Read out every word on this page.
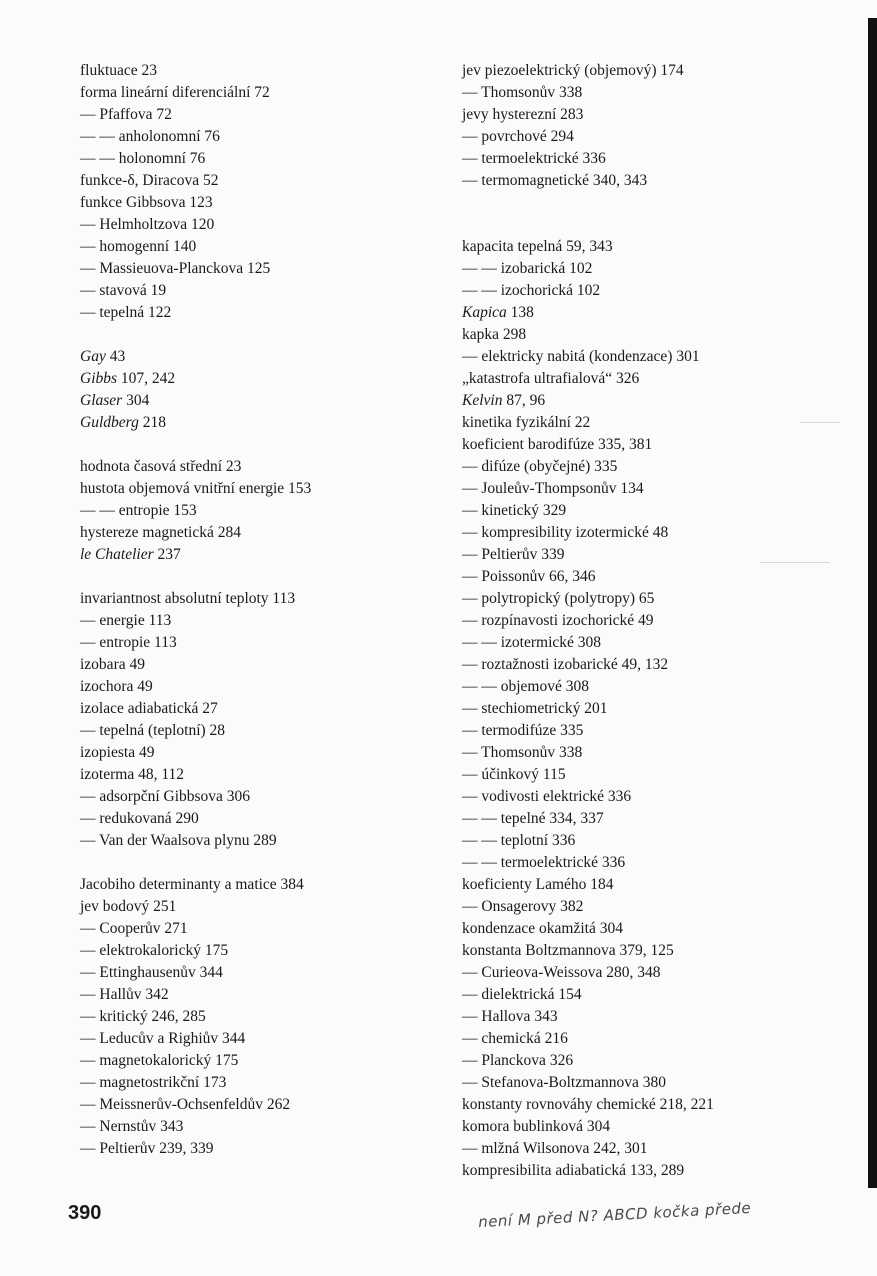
fluktuace 23
forma lineární diferenciální 72
— Pfaffova 72
— — anholonomní 76
— — holonomní 76
funkce-δ, Diracova 52
funkce Gibbsova 123
— Helmholtzova 120
— homogenní 140
— Massieuova-Planckova 125
— stavová 19
— tepelná 122
Gay 43
Gibbs 107, 242
Glaser 304
Guldberg 218
hodnota časová střední 23
hustota objemová vnitřní energie 153
— — entropie 153
hystereze magnetická 284
le Chatelier 237
invariantnost absolutní teploty 113
— energie 113
— entropie 113
izobara 49
izochora 49
izolace adiabatická 27
— tepelná (teplotní) 28
izopiesta 49
izoterma 48, 112
— adsorpční Gibbsova 306
— redukovaná 290
— Van der Waalsova plynu 289
Jacobiho determinanty a matice 384
jev bodový 251
— Cooperův 271
— elektrokalorický 175
— Ettinghausenův 344
— Hallův 342
— kritický 246, 285
— Leducův a Righiův 344
— magnetokalorický 175
— magnetostrikční 173
— Meissnerův-Ochsenfeldův 262
— Nernstův 343
— Peltierův 239, 339
jev piezoelektrický (objemový) 174
— Thomsonův 338
jevy hysterezní 283
— povrchové 294
— termoelektrické 336
— termomagnetické 340, 343
kapacita tepelná 59, 343
— — izobarická 102
— — izochorická 102
Kapica 138
kapka 298
— elektricky nabitá (kondenzace) 301
„katastrofa ultrafialová“ 326
Kelvin 87, 96
kinetika fyzikální 22
koeficient barodifúze 335, 381
— difúze (obyčejné) 335
— Jouleův-Thompsonův 134
— kinetický 329
— kompresibility izotermické 48
— Peltierův 339
— Poissonův 66, 346
— polytropický (polytropy) 65
— rozpínavosti izochorické 49
— — izotermické 308
— roztažnosti izobarické 49, 132
— — objemové 308
— stechiometrický 201
— termodifúze 335
— Thomsonův 338
— účinkový 115
— vodivosti elektrické 336
— — tepelné 334, 337
— — teplotní 336
— — termoelektrické 336
koeficienty Lamého 184
— Onsagerovy 382
kondenzace okamžitá 304
konstanta Boltzmannova 379, 125
— Curieova-Weissova 280, 348
— dielektrická 154
— Hallova 343
— chemická 216
— Planckova 326
— Stefanova-Boltzmannova 380
konstanty rovnováhy chemické 218, 221
komora bublinková 304
— mlžná Wilsonova 242, 301
kompresibilita adiabatická 133, 289
390	není M před N? ABCD kočka přede
